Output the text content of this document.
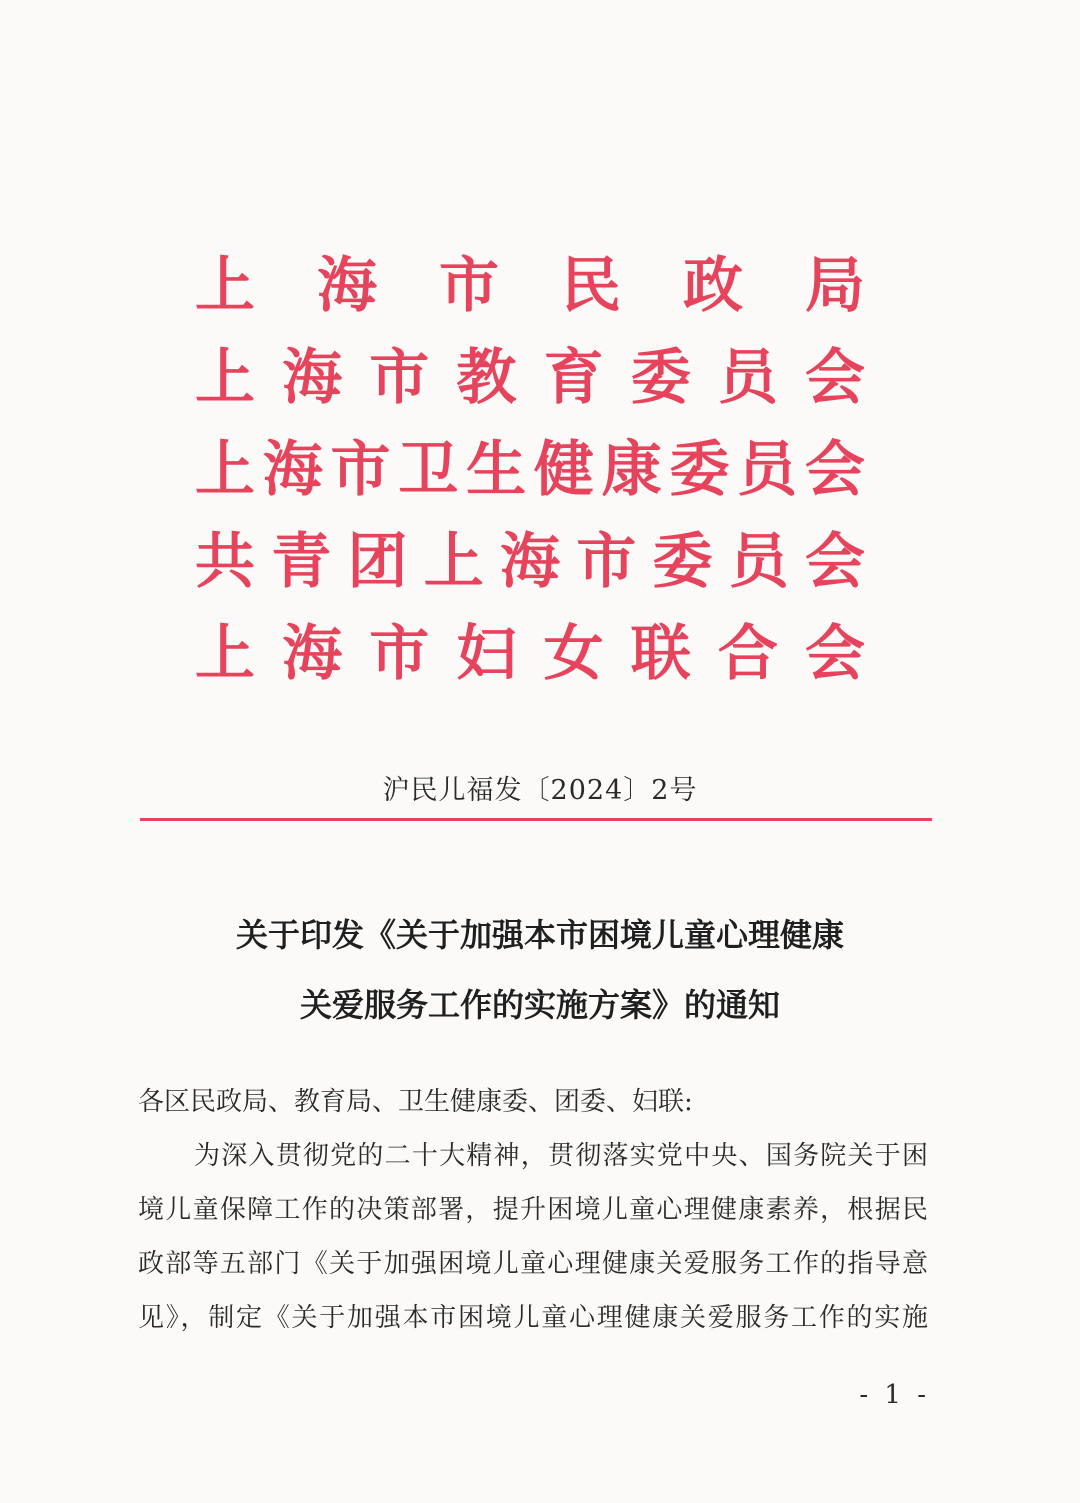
上 海 市 民 政 局
上 海 市 教 育 委 员 会
上 海 市 卫 生 健 康 委 员 会
共 青 团 上 海 市 委 员 会
上 海 市 妇 女 联 合 会
沪民儿福发〔2024〕2号
关于印发《关于加强本市困境儿童心理健康
关爱服务工作的实施方案》的通知
各区民政局、教育局、卫生健康委、团委、妇联:
为深入贯彻党的二十大精神，贯彻落实党中央、国务院关于困
境儿童保障工作的决策部署，提升困境儿童心理健康素养，根据民
政部等五部门《关于加强困境儿童心理健康关爱服务工作的指导意
见》，制定《关于加强本市困境儿童心理健康关爱服务工作的实施
- 1 -
